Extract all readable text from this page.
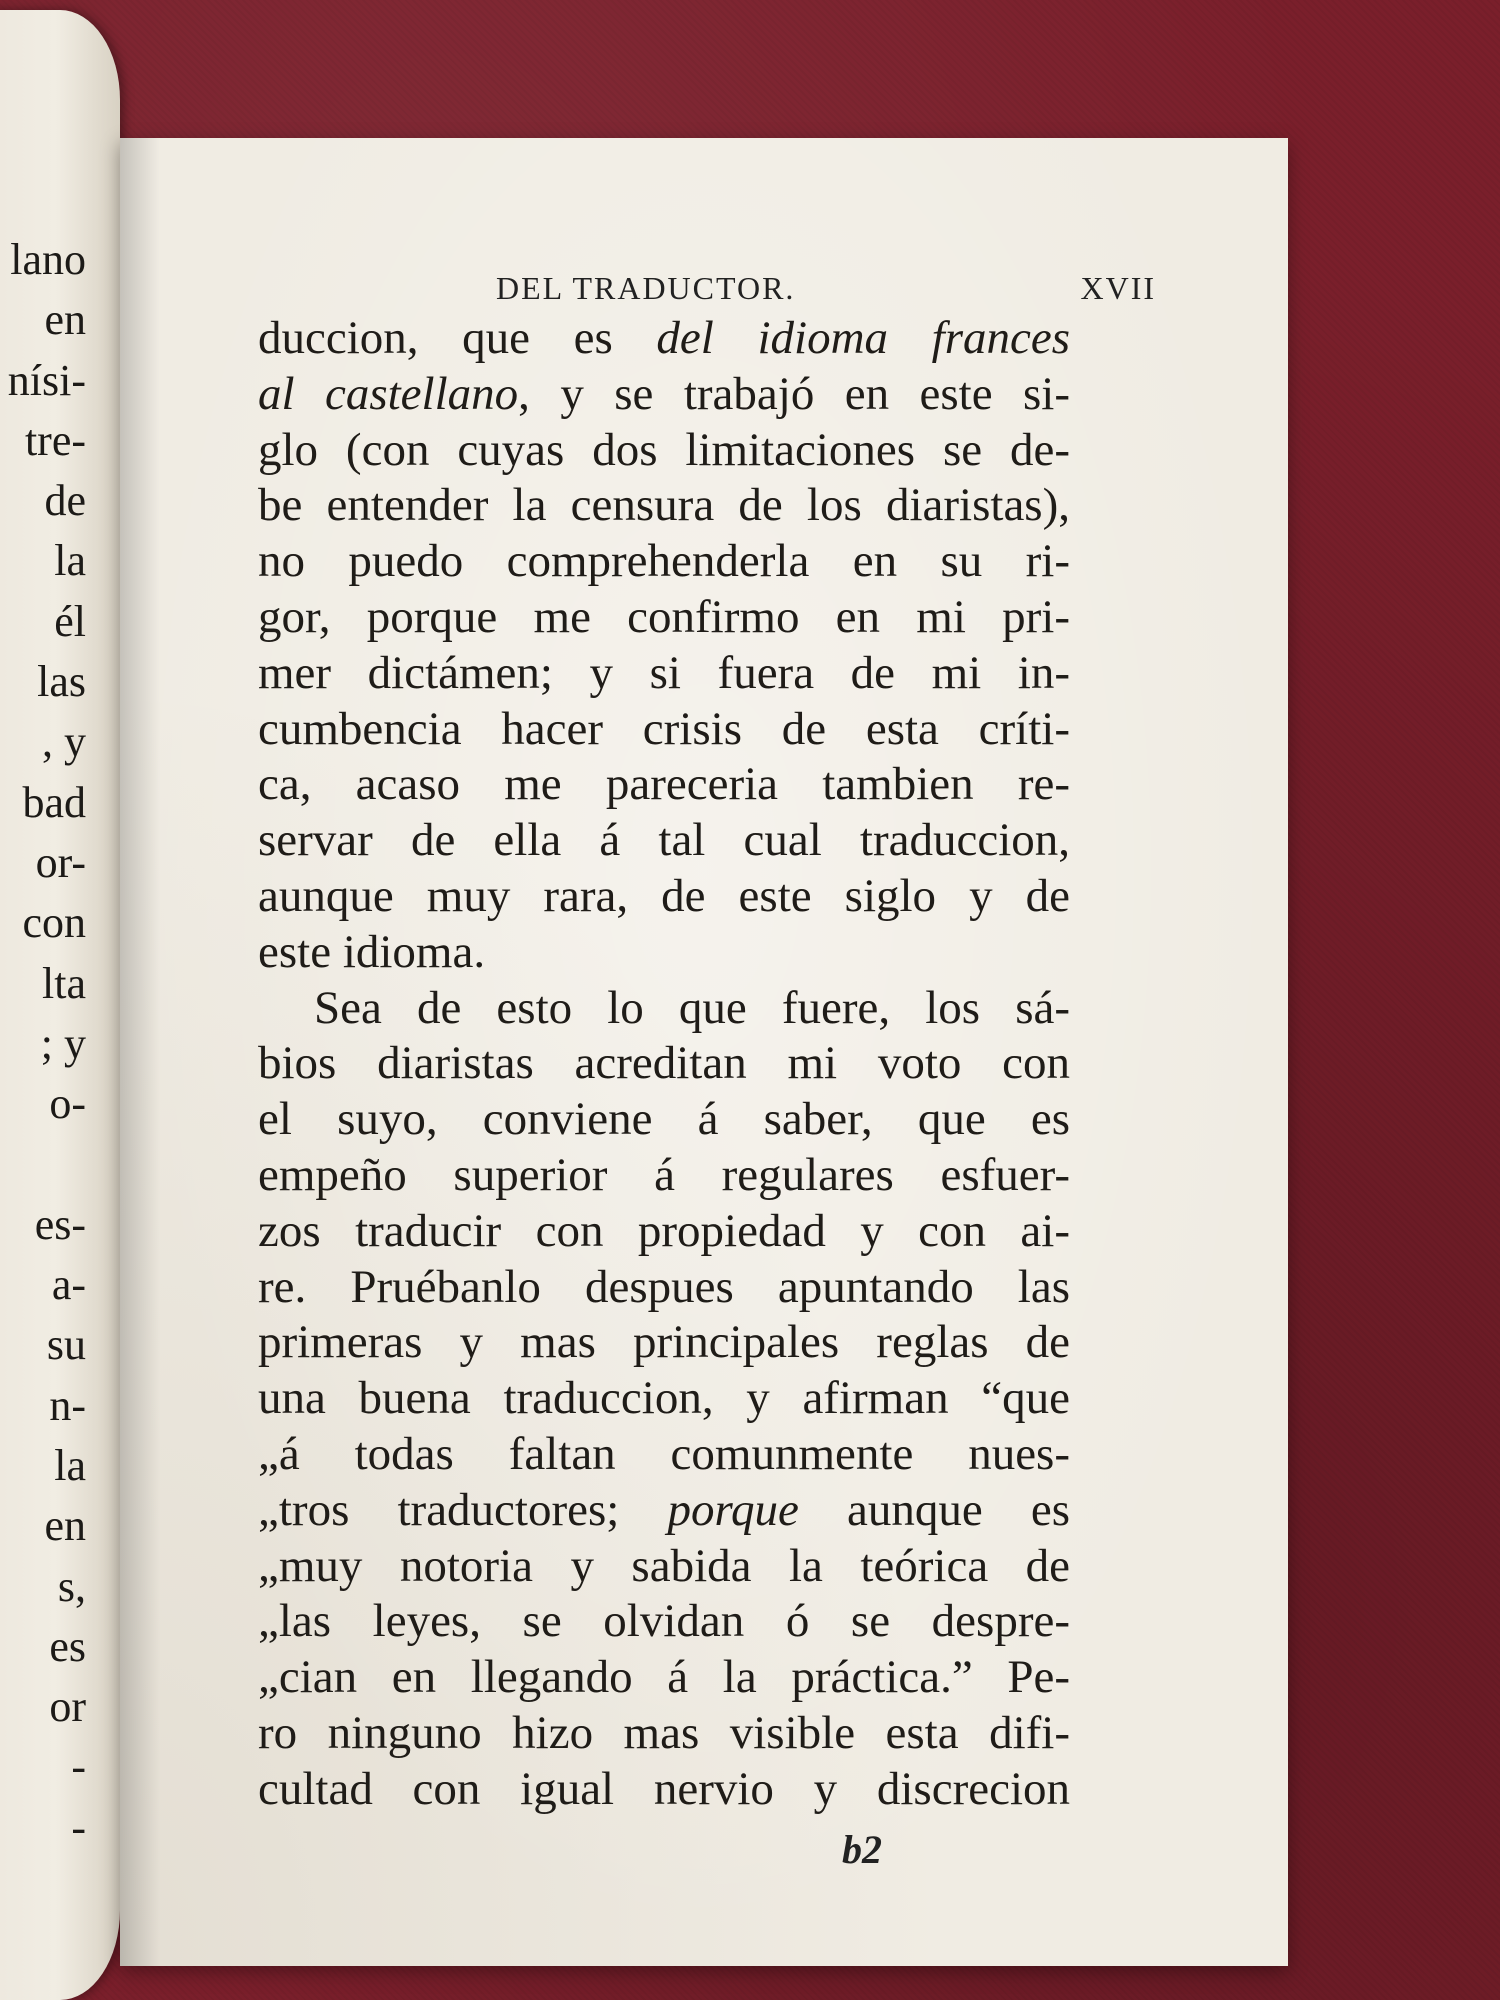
lano
en
nísi-
tre-
de
la
él
las
, y
bad
or-
con
lta
; y
o-
es-
a-
su
n-
la
en
s,
es
or
-
-
DEL TRADUCTOR.	XVII
duccion, que es del idioma frances
al castellano, y se trabajó en este si-
glo (con cuyas dos limitaciones se de-
be entender la censura de los diaristas),
no puedo comprehenderla en su ri-
gor, porque me confirmo en mi pri-
mer dictámen; y si fuera de mi in-
cumbencia hacer crisis de esta críti-
ca, acaso me pareceria tambien re-
servar de ella á tal cual traduccion,
aunque muy rara, de este siglo y de
este idioma.
Sea de esto lo que fuere, los sá-
bios diaristas acreditan mi voto con
el suyo, conviene á saber, que es
empeño superior á regulares esfuer-
zos traducir con propiedad y con ai-
re. Pruébanlo despues apuntando las
primeras y mas principales reglas de
una buena traduccion, y afirman “que
„á todas faltan comunmente nues-
„tros traductores; porque aunque es
„muy notoria y sabida la teórica de
„las leyes, se olvidan ó se despre-
„cian en llegando á la práctica.” Pe-
ro ninguno hizo mas visible esta difi-
cultad con igual nervio y discrecion
b2
